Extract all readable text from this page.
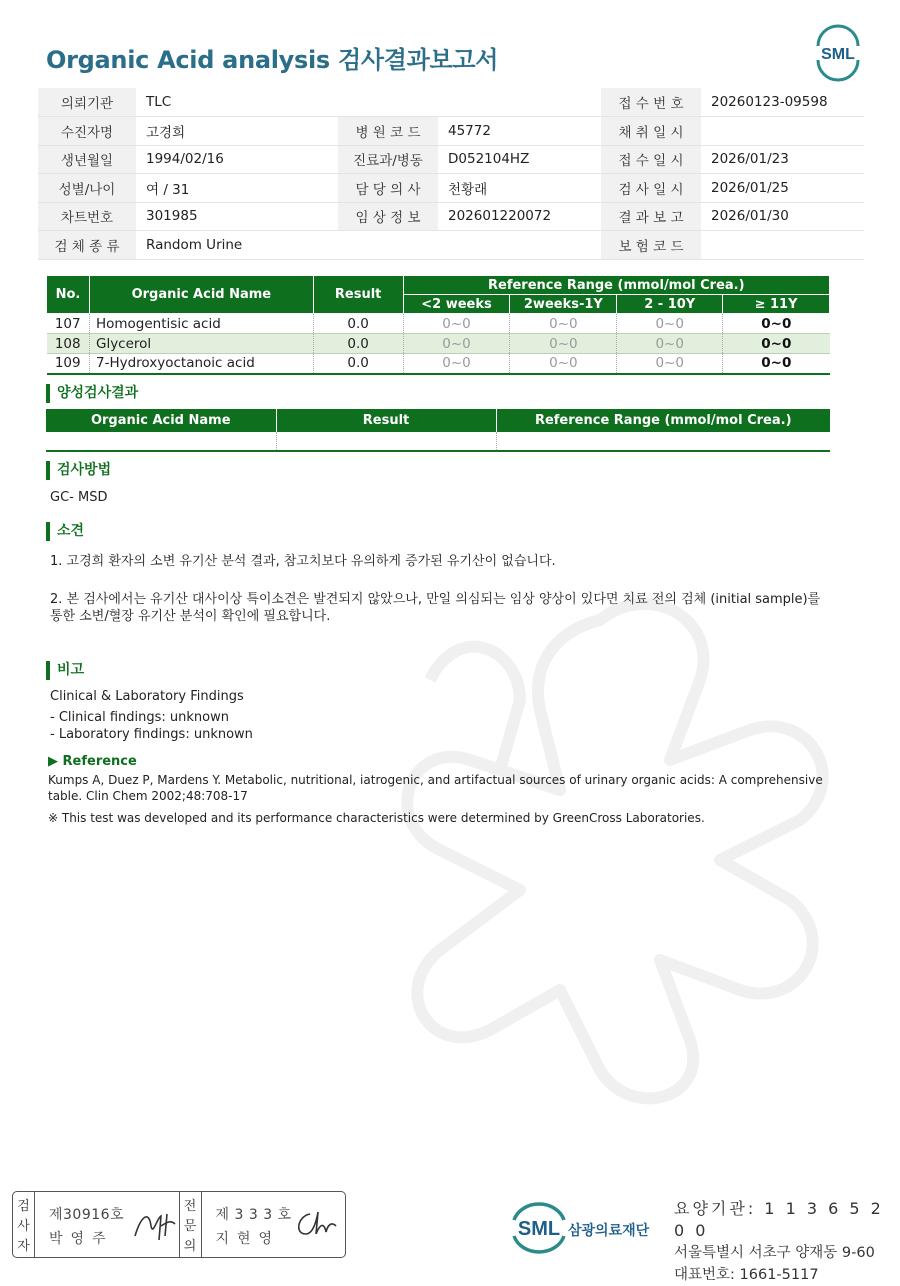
Organic Acid analysis 검사결과보고서	SML
의뢰기관	TLC			접 수 번 호	20260123-09598
수진자명	고경희	병 원 코 드	45772	채 취 일 시	
생년월일	1994/02/16	진료과/병동	D052104HZ	접 수 일 시	2026/01/23
성별/나이	여 / 31	담 당 의 사	천황래	검 사 일 시	2026/01/25
차트번호	301985	임 상 정 보	202601220072	결 과 보 고	2026/01/30
검 체 종 류	Random Urine			보 험 코 드	
No.	Organic Acid Name	Result	Reference Range (mmol/mol Crea.)			
			<2 weeks	2weeks-1Y	2 - 10Y	≥ 11Y
107	Homogentisic acid	0.0	0~0	0~0	0~0	0~0
108	Glycerol	0.0	0~0	0~0	0~0	0~0
109	7-Hydroxyoctanoic acid	0.0	0~0	0~0	0~0	0~0
양성검사결과
Organic Acid Name	Result	Reference Range (mmol/mol Crea.)

검사방법
GC- MSD
소견
1. 고경희 환자의 소변 유기산 분석 결과, 참고치보다 유의하게 증가된 유기산이 없습니다.
2. 본 검사에서는 유기산 대사이상 특이소견은 발견되지 않았으나, 만일 의심되는 임상 양상이 있다면 치료 전의 검체 (initial sample)를
통한 소변/혈장 유기산 분석이 확인에 필요합니다.
비고
Clinical & Laboratory Findings
- Clinical findings: unknown
- Laboratory findings: unknown
▶ Reference
Kumps A, Duez P, Mardens Y. Metabolic, nutritional, iatrogenic, and artifactual sources of urinary organic acids: A comprehensive
table. Clin Chem 2002;48:708-17
※ This test was developed and its performance characteristics were determined by GreenCross Laboratories.
검
사
자
제30916호
박영주
전
문
의
제 3 3 3 호
지현영	SML 삼광의료재단
요양기관: 1 1 3 6 5 2 0 0
서울특별시 서초구 양재동 9-60
대표번호: 1661-5117
